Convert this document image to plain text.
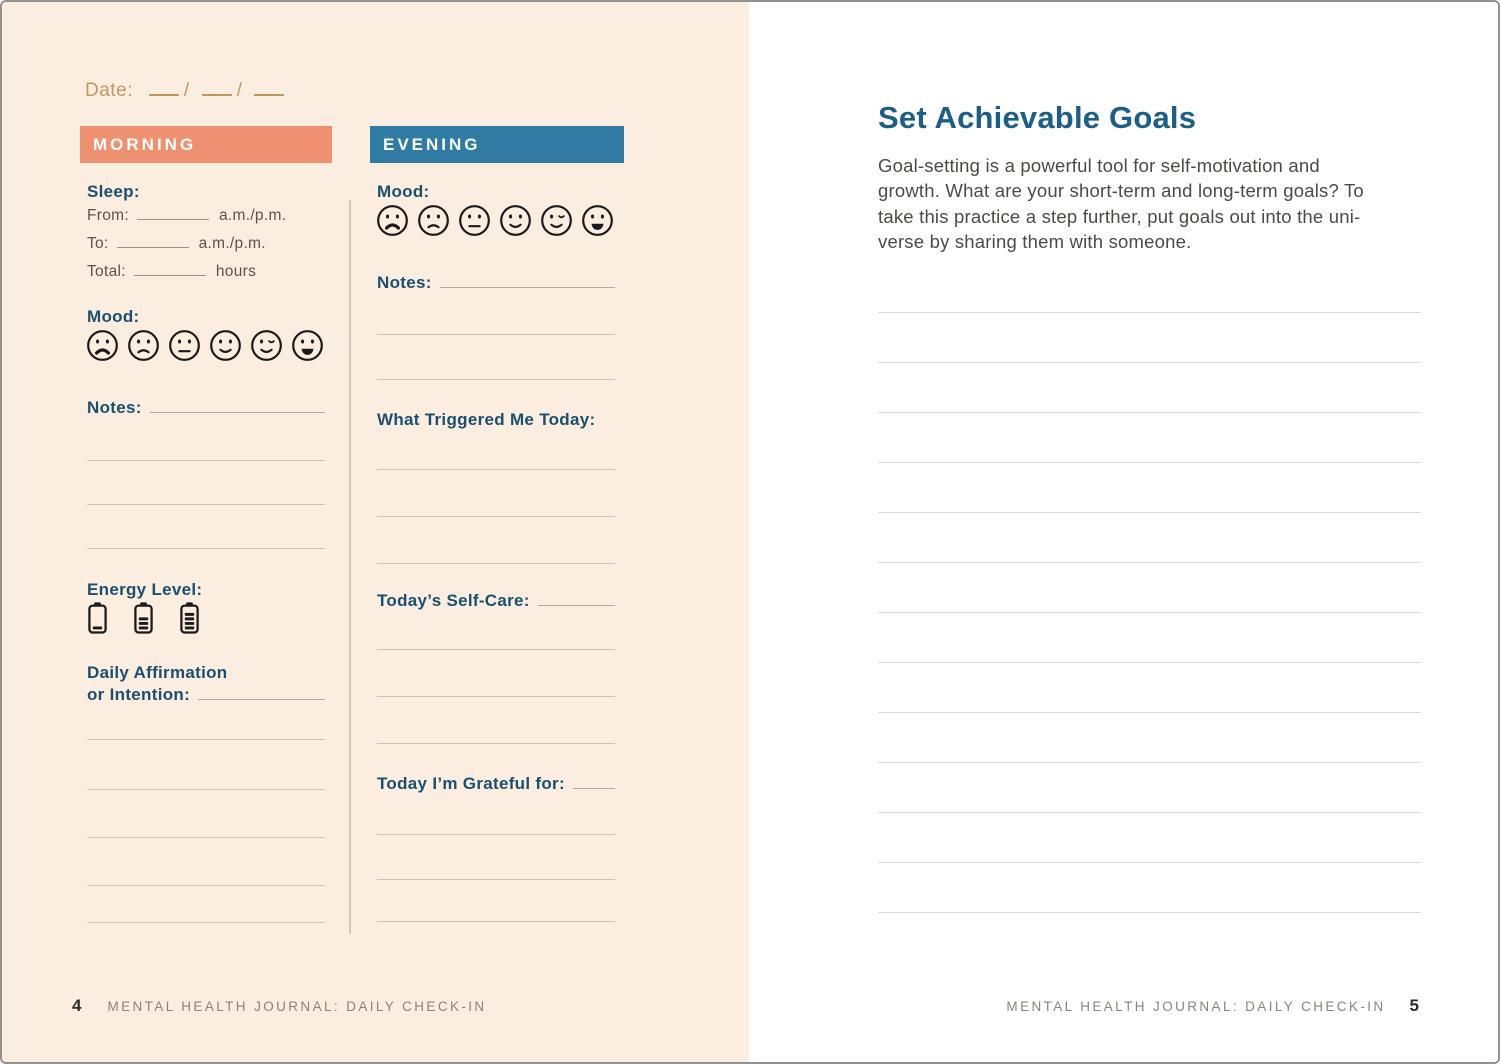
Date:	/ /
MORNING	EVENING
Sleep:
From:	a.m./p.m.
To:	a.m./p.m.
Total:	hours
Mood:
Notes:
Energy Level:
Daily Affirmation
or Intention:
Mood:
Notes:
What Triggered Me Today:
Today’s Self-Care:
Today I’m Grateful for:
4 MENTAL HEALTH JOURNAL: DAILY CHECK-IN
Set Achievable Goals
Goal-setting is a powerful tool for self-motivation and
growth. What are your short-term and long-term goals? To
take this practice a step further, put goals out into the uni-
verse by sharing them with someone.
MENTAL HEALTH JOURNAL: DAILY CHECK-IN 5
